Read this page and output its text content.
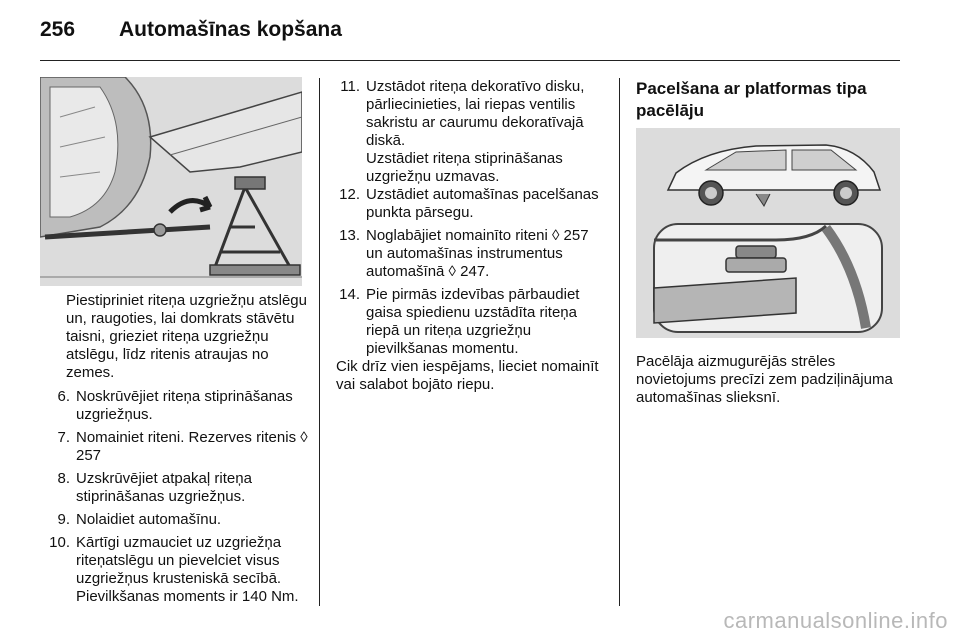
256 Automašīnas kopšana

Piestipriniet riteņa uzgriežņu atslēgu un, raugoties, lai domkrats stāvētu taisni, grieziet riteņa uzgriežņu atslēgu, līdz ritenis atraujas no zemes.

6. Noskrūvējiet riteņa stiprināšanas uzgriežņus.
7. Nomainiet riteni. Rezerves ritenis ◊ 257
8. Uzskrūvējiet atpakaļ riteņa stiprināšanas uzgriežņus.
9. Nolaidiet automašīnu.
10. Kārtīgi uzmauciet uz uzgriežņa riteņatslēgu un pievelciet visus uzgriežņus krusteniskā secībā. Pievilkšanas moments ir 140 Nm.
11. Uzstādot riteņa dekoratīvo disku, pārliecinieties, lai riepas ventilis sakristu ar caurumu dekoratīvajā diskā.

Uzstādiet riteņa stiprināšanas uzgriežņu uzmavas.

12. Uzstādiet automašīnas pacelšanas punkta pārsegu.
13. Noglabājiet nomainīto riteni ◊ 257 un automašīnas instrumentus automašīnā ◊ 247.
14. Pie pirmās izdevības pārbaudiet gaisa spiedienu uzstādīta riteņa riepā un riteņa uzgriežņu pievilkšanas momentu.

Cik drīz vien iespējams, lieciet nomainīt vai salabot bojāto riepu.

Pacelšana ar platformas tipa pacēlāju

Pacēlāja aizmugurējās strēles novietojums precīzi zem padziļinājuma automašīnas slieksnī.

carmanualsonline.info
